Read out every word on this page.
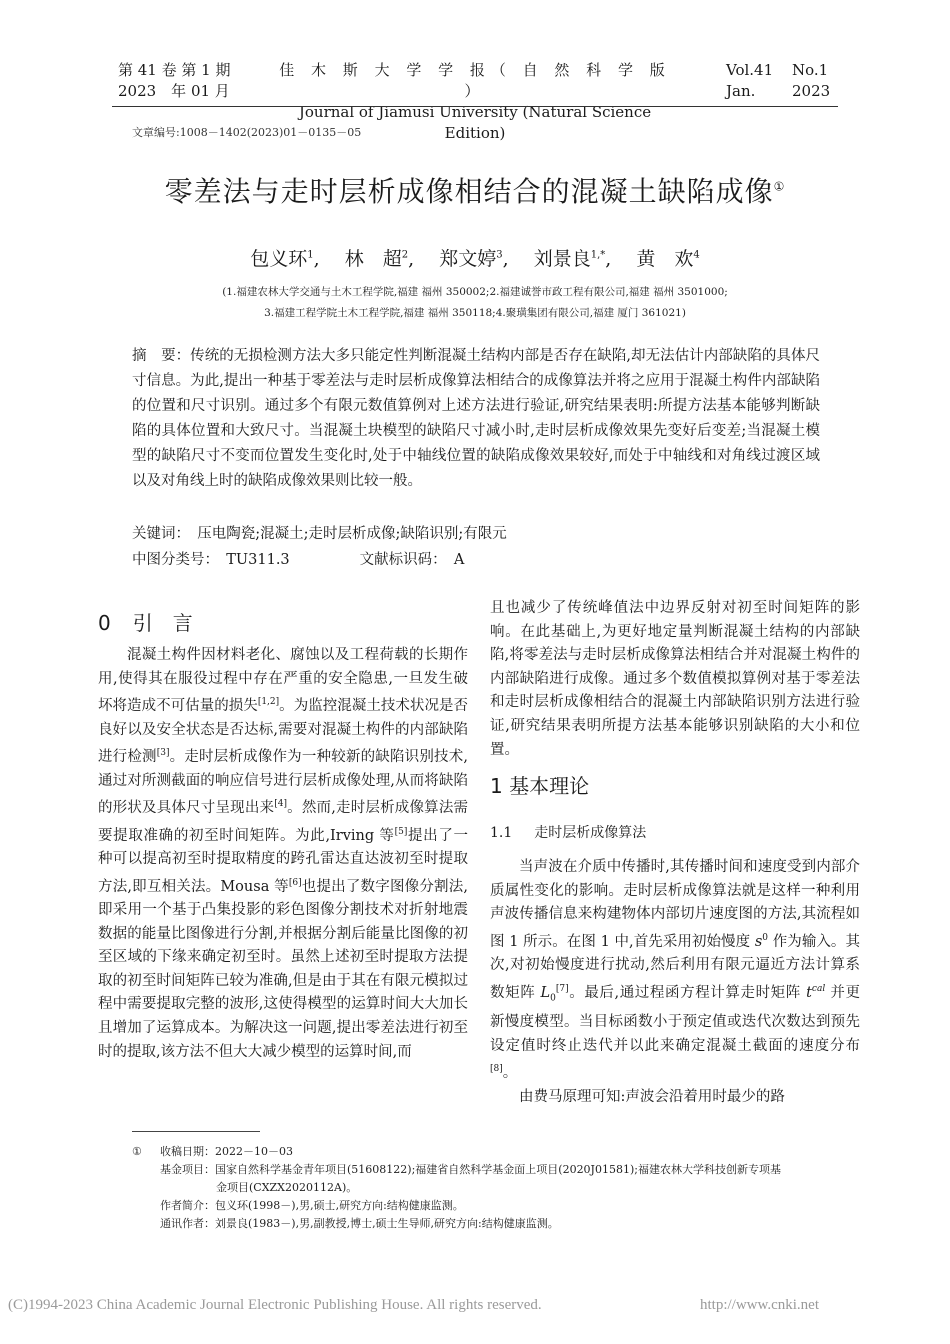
第 41 卷 第 1 期
2023　年 01 月
佳 木 斯 大 学 学 报（ 自 然 科 学 版 ）
Journal of Jiamusi University (Natural Science Edition)
Vol.41 No.1
Jan. 2023
文章编号:1008－1402(2023)01－0135－05
零差法与走时层析成像相结合的混凝土缺陷成像①
包义环$^1$,　 林　超$^2$,　 郑文婷$^3$,　 刘景良$^{1,*}$,　 黄　欢$^4$
(1.福建农林大学交通与土木工程学院,福建 福州 350002;2.福建诚誉市政工程有限公司,福建 福州 3501000;
3.福建工程学院土木工程学院,福建 福州 350118;4.聚璜集团有限公司,福建 厦门 361021)
摘　要：传统的无损检测方法大多只能定性判断混凝土结构内部是否存在缺陷,却无法估计内部缺陷的具体尺寸信息。为此,提出一种基于零差法与走时层析成像算法相结合的成像算法并将之应用于混凝土构件内部缺陷的位置和尺寸识别。通过多个有限元数值算例对上述方法进行验证,研究结果表明:所提方法基本能够判断缺陷的具体位置和大致尺寸。当混凝土块模型的缺陷尺寸减小时,走时层析成像效果先变好后变差;当混凝土模型的缺陷尺寸不变而位置发生变化时,处于中轴线位置的缺陷成像效果较好,而处于中轴线和对角线过渡区域以及对角线上时的缺陷成像效果则比较一般。
关键词：　 压电陶瓷;混凝土;走时层析成像;缺陷识别;有限元
中图分类号：　 TU311.3	文献标识码：　 A
0 引　言

混凝土构件因材料老化、腐蚀以及工程荷载的长期作用,使得其在服役过程中存在严重的安全隐患,一旦发生破坏将造成不可估量的损失[1,2]。为监控混凝土技术状况是否良好以及安全状态是否达标,需要对混凝土构件的内部缺陷进行检测[3]。走时层析成像作为一种较新的缺陷识别技术,通过对所测截面的响应信号进行层析成像处理,从而将缺陷的形状及具体尺寸呈现出来[4]。然而,走时层析成像算法需要提取准确的初至时间矩阵。为此,Irving 等[5]提出了一种可以提高初至时提取精度的跨孔雷达直达波初至时提取方法,即互相关法。Mousa 等[6]也提出了数字图像分割法,即采用一个基于凸集投影的彩色图像分割技术对折射地震数据的能量比图像进行分割,并根据分割后能量比图像的初至区域的下缘来确定初至时。虽然上述初至时提取方法提取的初至时间矩阵已较为准确,但是由于其在有限元模拟过程中需要提取完整的波形,这使得模型的运算时间大大加长且增加了运算成本。为解决这一问题,提出零差法进行初至时的提取,该方法不但大大减少模型的运算时间,而

且也减少了传统峰值法中边界反射对初至时间矩阵的影响。在此基础上,为更好地定量判断混凝土结构的内部缺陷,将零差法与走时层析成像算法相结合并对混凝土构件的内部缺陷进行成像。通过多个数值模拟算例对基于零差法和走时层析成像相结合的混凝土内部缺陷识别方法进行验证,研究结果表明所提方法基本能够识别缺陷的大小和位置。

1 基本理论
1.1 走时层析成像算法

当声波在介质中传播时,其传播时间和速度受到内部介质属性变化的影响。走时层析成像算法就是这样一种利用声波传播信息来构建物体内部切片速度图的方法,其流程如图 1 所示。在图 1 中,首先采用初始慢度 $s^0$ 作为输入。其次,对初始慢度进行扰动,然后利用有限元逼近方法计算系数矩阵 $L_0[7]$。最后,通过程函方程计算走时矩阵 $t^{cal}$ 并更新慢度模型。当目标函数小于预定值或迭代次数达到预先设定值时终止迭代并以此来确定混凝土截面的速度分布[8]。

由费马原理可知:声波会沿着用时最少的路

① 收稿日期：2022－10－03
基金项目：国家自然科学基金青年项目(51608122);福建省自然科学基金面上项目(2020J01581);福建农林大学科技创新专项基
金项目(CXZX2020112A)。
作者简介：包义环(1998－),男,硕士,研究方向:结构健康监测。
通讯作者：刘景良(1983－),男,副教授,博士,硕士生导师,研究方向:结构健康监测。
(C)1994-2023 China Academic Journal Electronic Publishing House. All rights reserved.	http://www.cnki.net
